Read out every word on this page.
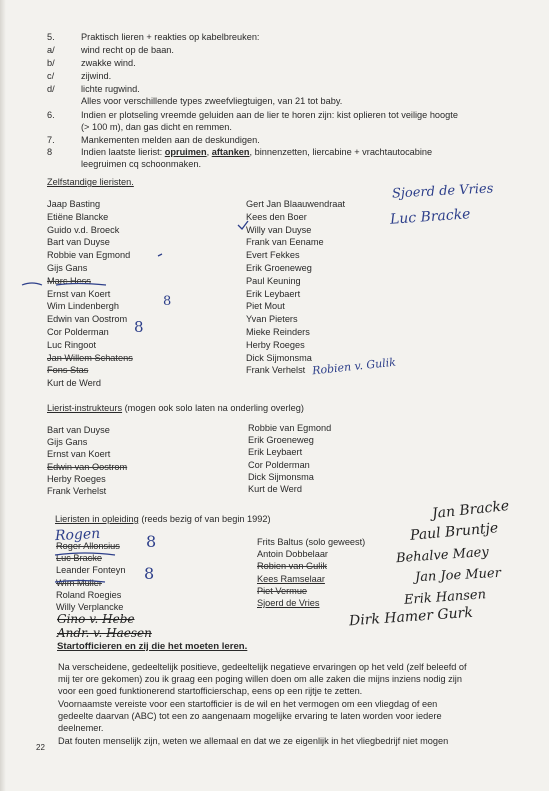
5.	Praktisch lieren + reakties op kabelbreuken:
a/	wind recht op de baan.
b/	zwakke wind.
c/	zijwind.
d/	lichte rugwind.
Alles voor verschillende types zweefvliegtuigen, van 21 tot baby.
6.	Indien er plotseling vreemde geluiden aan de lier te horen zijn: kist oplieren tot veilige hoogte
(> 100 m), dan gas dicht en remmen.
7.	Mankementen melden aan de deskundigen.
8	Indien laatste lierist: opruimen, aftanken, binnenzetten, liercabine + vrachtautocabine
leegruimen cq schoonmaken.
Zelfstandige lieristen.
Jaap Basting
Etiëne Blancke
Guido v.d. Broeck
Bart van Duyse
Robbie van Egmond
Gijs Gans
Marc Hess
Ernst van Koert
Wim Lindenbergh
Edwin van Oostrom
Cor Polderman
Luc Ringoot
Jan Willem Schatens
Fons Stas
Kurt de Werd
Gert Jan Blaauwendraat
Kees den Boer
Willy van Duyse
Frank van Eename
Evert Fekkes
Erik Groeneweg
Paul Keuning
Erik Leybaert
Piet Mout
Yvan Pieters
Mieke Reinders
Herby Roeges
Dick Sijmonsma
Frank Verhelst
Lierist-instrukteurs (mogen ook solo laten na onderling overleg)
Bart van Duyse
Gijs Gans
Ernst van Koert
Edwin van Oostrom
Herby Roeges
Frank Verhelst
Robbie van Egmond
Erik Groeneweg
Erik Leybaert
Cor Polderman
Dick Sijmonsma
Kurt de Werd
Lieristen in opleiding (reeds bezig of van begin 1992)
Roger Allonsius
Luc Bracke
Leander Fonteyn
Wim Muller
Roland Roegies
Willy Verplancke
Frits Baltus (solo geweest)
Antoin Dobbelaar
Robien van Gulik
Kees Ramselaar
Piet Vermue
Sjoerd de Vries
Startofficieren en zij die het moeten leren.
Na verscheidene, gedeeltelijk positieve, gedeeltelijk negatieve ervaringen op het veld (zelf beleefd of
mij ter ore gekomen) zou ik graag een poging willen doen om alle zaken die mijns inziens nodig zijn
voor een goed funktionerend startofficierschap, eens op een rijtje te zetten.
Voornaamste vereiste voor een startofficier is de wil en het vermogen om een vliegdag of een
gedeelte daarvan (ABC) tot een zo aangenaam mogelijke ervaring te laten worden voor iedere
deelnemer.
Dat fouten menselijk zijn, weten we allemaal en dat we ze eigenlijk in het vliegbedrijf niet mogen
22
Sjoerd de Vries
Luc Bracke
Robien v. Gulik
Rogen
Jan Bracke
Paul Bruntje
Behalve Maey
Jan Joe Muer
Erik Hansen
Dirk Hamer Gurk
Gino v. Hebe
Andr. v. Haesen
8
8
8
8
